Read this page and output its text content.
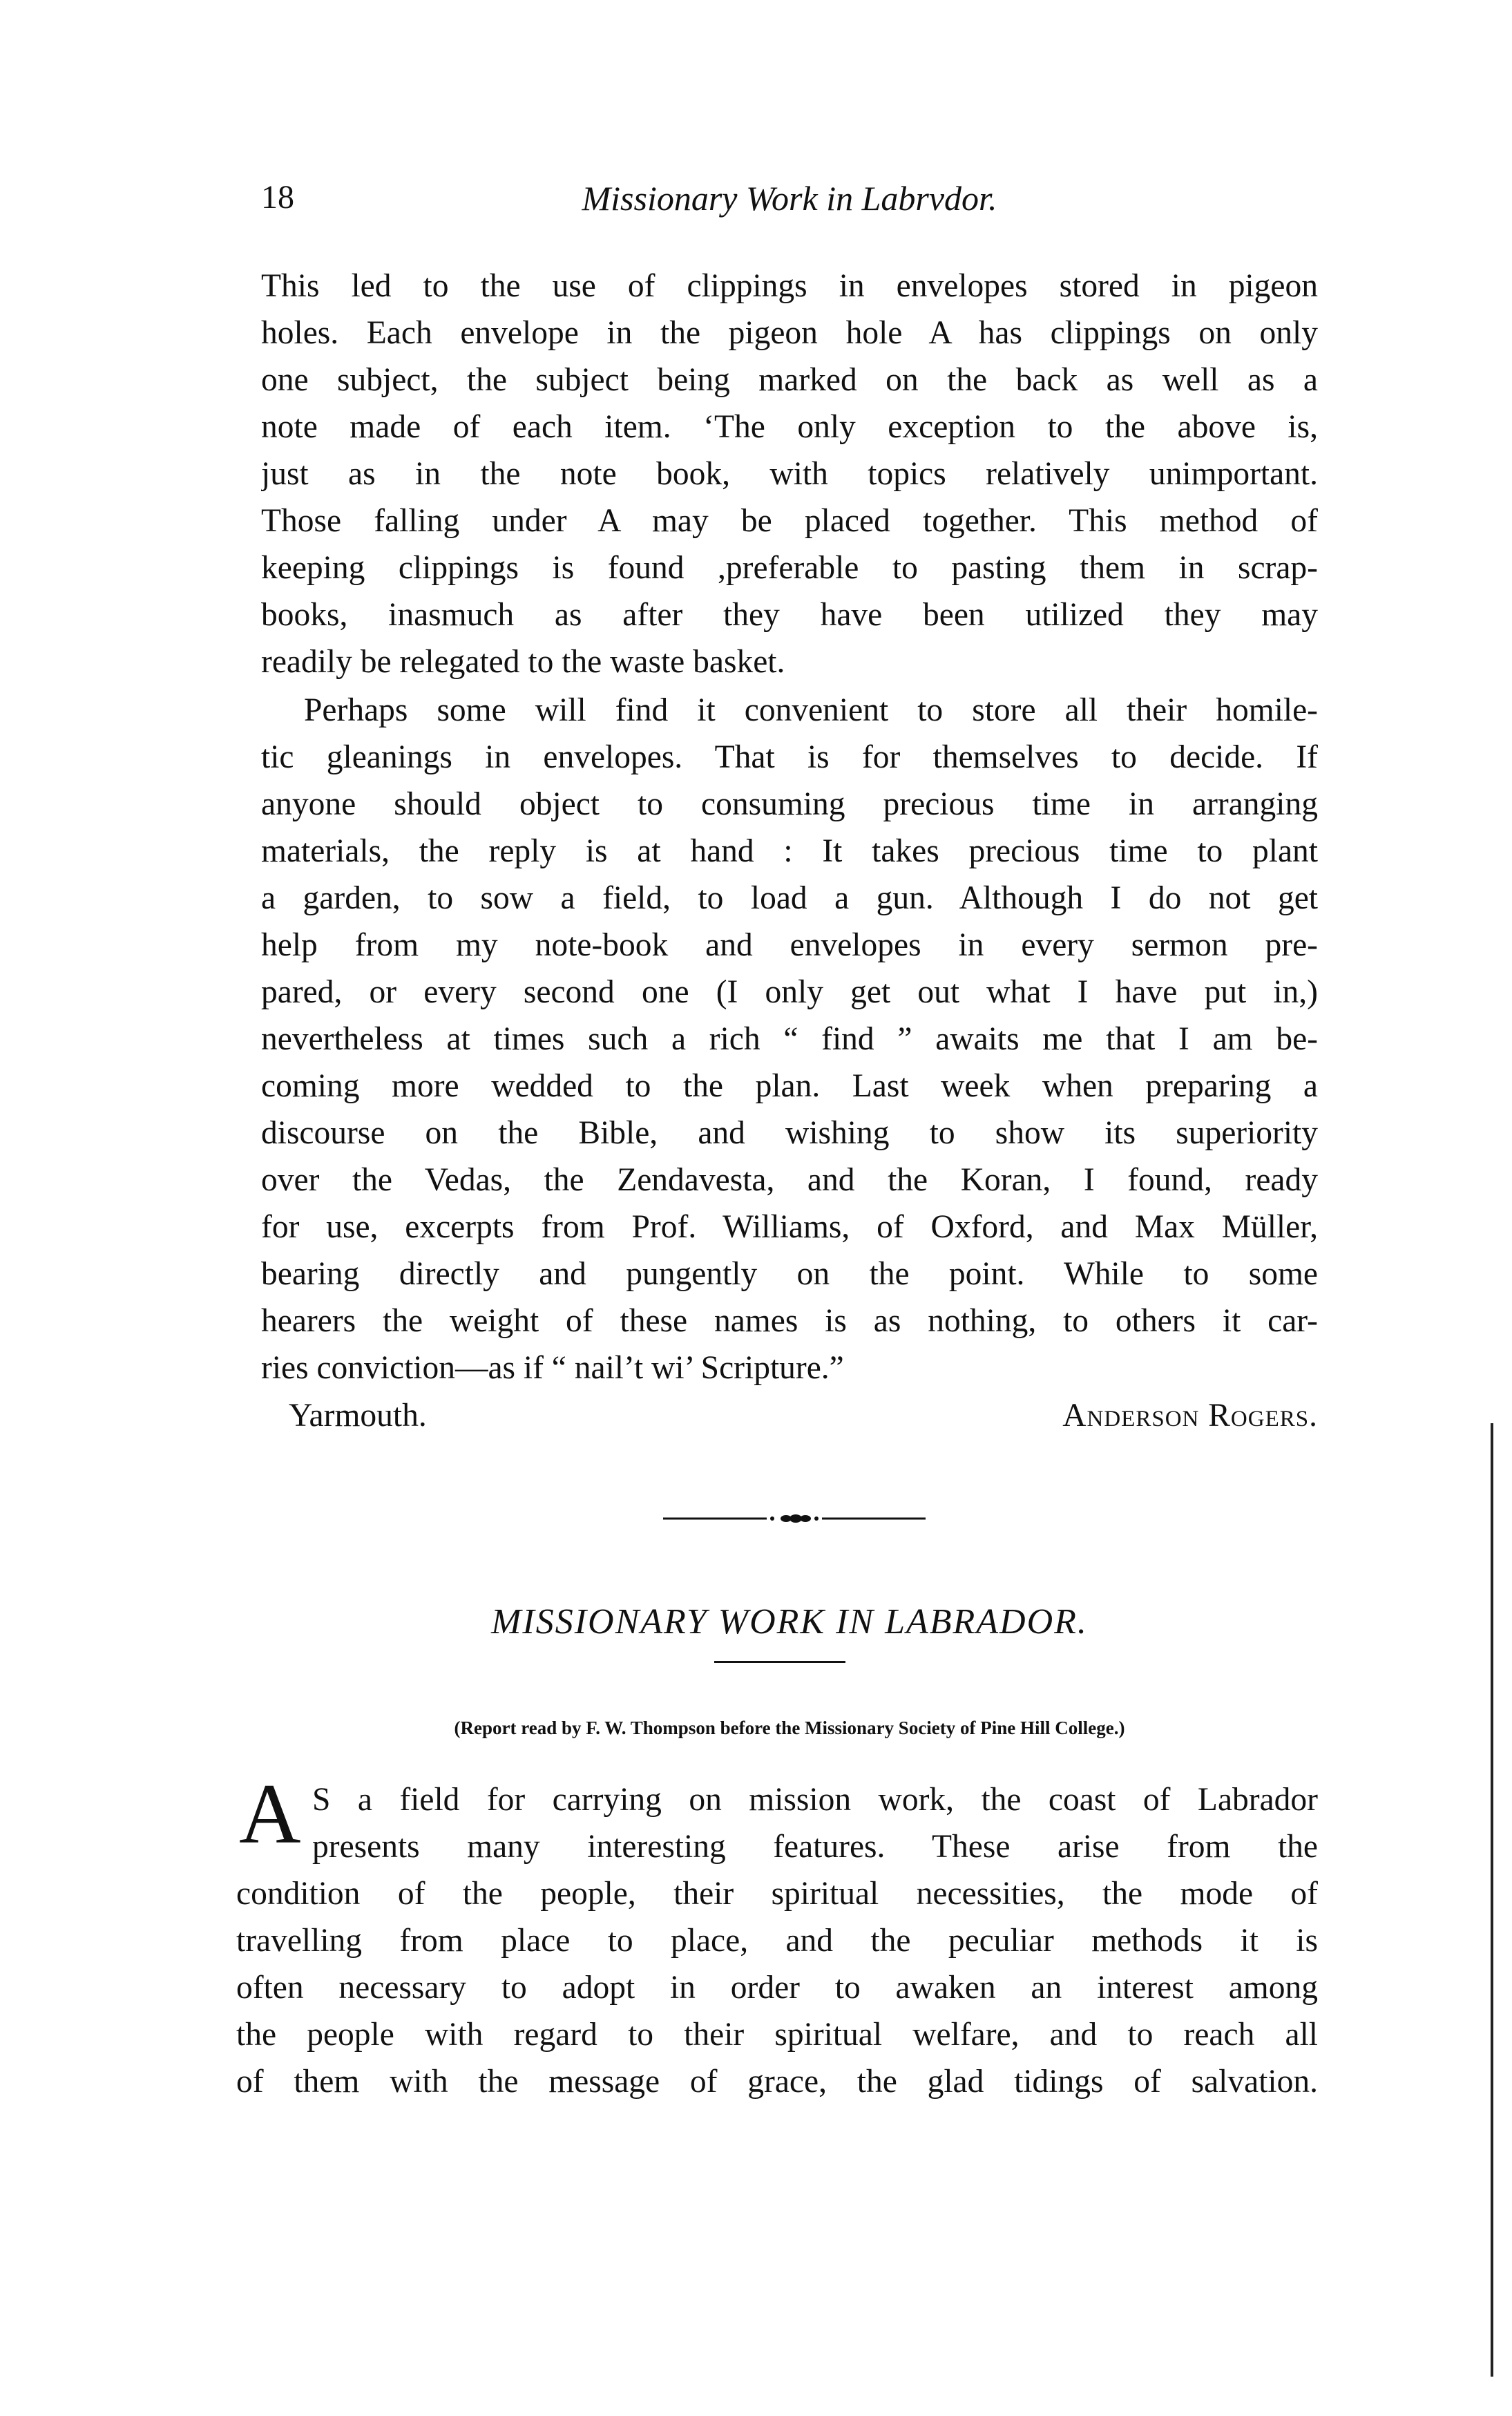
18	Missionary Work in Labrvdor.
This led to the use of clippings in envelopes stored in pigeon
holes. Each envelope in the pigeon hole A has clippings on only
one subject, the subject being marked on the back as well as a
note made of each item. ‘The only exception to the above is,
just as in the note book, with topics relatively unimportant.
Those falling under A may be placed together. This method of
keeping clippings is found ,preferable to pasting them in scrap-
books, inasmuch as after they have been utilized they may
readily be relegated to the waste basket.
Perhaps some will find it convenient to store all their homile-
tic gleanings in envelopes. That is for themselves to decide. If
anyone should object to consuming precious time in arranging
materials, the reply is at hand : It takes precious time to plant
a garden, to sow a field, to load a gun. Although I do not get
help from my note-book and envelopes in every sermon pre-
pared, or every second one (I only get out what I have put in,)
nevertheless at times such a rich “ find ” awaits me that I am be-
coming more wedded to the plan. Last week when preparing a
discourse on the Bible, and wishing to show its superiority
over the Vedas, the Zendavesta, and the Koran, I found, ready
for use, excerpts from Prof. Williams, of Oxford, and Max Müller,
bearing directly and pungently on the point. While to some
hearers the weight of these names is as nothing, to others it car-
ries conviction—as if “ nail’t wi’ Scripture.”
Yarmouth.	Anderson Rogers.
MISSIONARY WORK IN LABRADOR.
(Report read by F. W. Thompson before the Missionary Society of Pine Hill College.)
A S a field for carrying on mission work, the coast of Labrador
presents many interesting features. These arise from the
condition of the people, their spiritual necessities, the mode of
travelling from place to place, and the peculiar methods it is
often necessary to adopt in order to awaken an interest among
the people with regard to their spiritual welfare, and to reach all
of them with the message of grace, the glad tidings of salvation.
